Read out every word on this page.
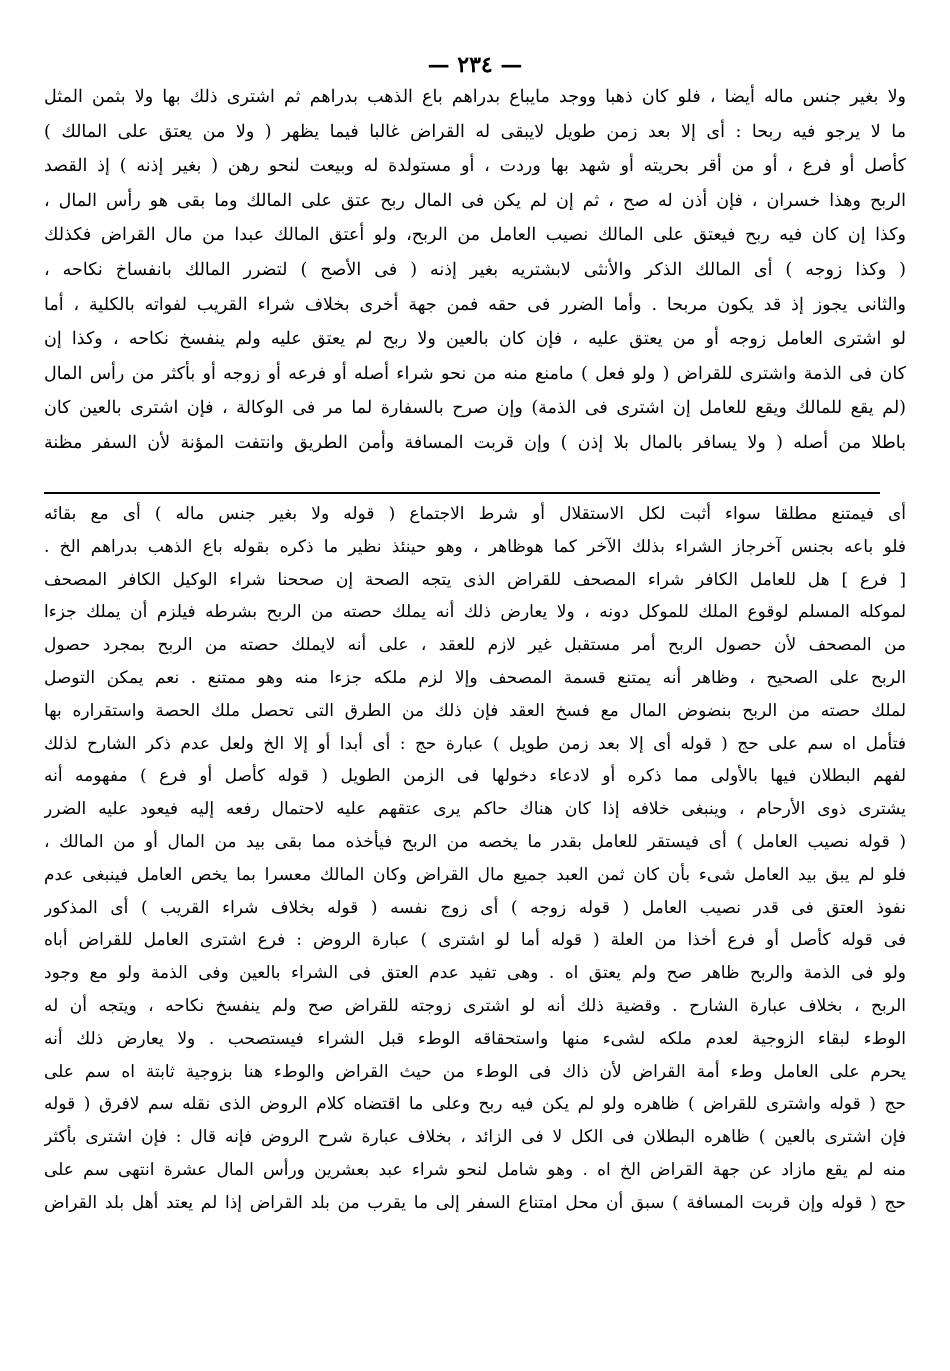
— ٢٣٤ —
ولا بغير جنس ماله أيضا ، فلو كان ذهبا ووجد مايباع بدراهم باع الذهب بدراهم ثم اشترى ذلك بها ولا بثمن المثل
ما لا يرجو فيه ربحا : أى إلا بعد زمن طويل لايبقى له القراض غالبا فيما يظهر ( ولا من يعتق على المالك )
كأصل أو فرع ، أو من أقر بحريته أو شهد بها وردت ، أو مستولدة له وبيعت لنحو رهن ( بغير إذنه ) إذ القصد
الربح وهذا خسران ، فإن أذن له صح ، ثم إن لم يكن فى المال ربح عتق على المالك وما بقى هو رأس المال ،
وكذا إن كان فيه ربح فيعتق على المالك نصيب العامل من الربح، ولو أعتق المالك عبدا من مال القراض فكذلك
( وكذا زوجه ) أى المالك الذكر والأنثى لابشتريه بغير إذنه ( فى الأصح ) لتضرر المالك بانفساخ نكاحه ،
والثانى يجوز إذ قد يكون مربحا . وأما الضرر فى حقه فمن جهة أخرى بخلاف شراء القريب لفواته بالكلية ، أما
لو اشترى العامل زوجه أو من يعتق عليه ، فإن كان بالعين ولا ربح لم يعتق عليه ولم ينفسخ نكاحه ، وكذا إن
كان فى الذمة واشترى للقراض ( ولو فعل ) مامنع منه من نحو شراء أصله أو فرعه أو زوجه أو بأكثر من رأس المال
(لم يقع للمالك ويقع للعامل إن اشترى فى الذمة) وإن صرح بالسفارة لما مر فى الوكالة ، فإن اشترى بالعين كان
باطلا من أصله ( ولا يسافر بالمال بلا إذن ) وإن قربت المسافة وأمن الطريق وانتفت المؤنة لأن السفر مظنة
أى فيمتنع مطلقا سواء أثبت لكل الاستقلال أو شرط الاجتماع ( قوله ولا بغير جنس ماله ) أى مع بقائه
فلو باعه بجنس آخرجاز الشراء بذلك الآخر كما هوظاهر ، وهو حينئذ نظير ما ذكره بقوله باع الذهب بدراهم الخ .
[ فرع ] هل للعامل الكافر شراء المصحف للقراض الذى يتجه الصحة إن صححنا شراء الوكيل الكافر المصحف
لموكله المسلم لوقوع الملك للموكل دونه ، ولا يعارض ذلك أنه يملك حصته من الربح بشرطه فيلزم أن يملك جزءا
من المصحف لأن حصول الربح أمر مستقبل غير لازم للعقد ، على أنه لايملك حصته من الربح بمجرد حصول
الربح على الصحيح ، وظاهر أنه يمتنع قسمة المصحف وإلا لزم ملكه جزءا منه وهو ممتنع . نعم يمكن التوصل
لملك حصته من الربح بنضوض المال مع فسخ العقد فإن ذلك من الطرق التى تحصل ملك الحصة واستقراره بها
فتأمل اه سم على حج ( قوله أى إلا بعد زمن طويل ) عبارة حج : أى أبدا أو إلا الخ ولعل عدم ذكر الشارح لذلك
لفهم البطلان فيها بالأولى مما ذكره أو لادعاء دخولها فى الزمن الطويل ( قوله كأصل أو فرع ) مفهومه أنه
يشترى ذوى الأرحام ، وينبغى خلافه إذا كان هناك حاكم يرى عتقهم عليه لاحتمال رفعه إليه فيعود عليه الضرر
( قوله نصيب العامل ) أى فيستقر للعامل بقدر ما يخصه من الربح فيأخذه مما بقى بيد من المال أو من المالك ،
فلو لم يبق بيد العامل شىء بأن كان ثمن العبد جميع مال القراض وكان المالك معسرا بما يخص العامل فينبغى عدم
نفوذ العتق فى قدر نصيب العامل ( قوله زوجه ) أى زوج نفسه ( قوله بخلاف شراء القريب ) أى المذكور
فى قوله كأصل أو فرع أخذا من العلة ( قوله أما لو اشترى ) عبارة الروض : فرع اشترى العامل للقراض أباه
ولو فى الذمة والربح ظاهر صح ولم يعتق اه . وهى تفيد عدم العتق فى الشراء بالعين وفى الذمة ولو مع وجود
الربح ، بخلاف عبارة الشارح . وقضية ذلك أنه لو اشترى زوجته للقراض صح ولم ينفسخ نكاحه ، ويتجه أن له
الوطء لبقاء الزوجية لعدم ملكه لشىء منها واستحقاقه الوطء قبل الشراء فيستصحب . ولا يعارض ذلك أنه
يحرم على العامل وطء أمة القراض لأن ذاك فى الوطء من حيث القراض والوطء هنا بزوجية ثابتة اه سم على
حج ( قوله واشترى للقراض ) ظاهره ولو لم يكن فيه ربح وعلى ما اقتضاه كلام الروض الذى نقله سم لافرق ( قوله
فإن اشترى بالعين ) ظاهره البطلان فى الكل لا فى الزائد ، بخلاف عبارة شرح الروض فإنه قال : فإن اشترى بأكثر
منه لم يقع مازاد عن جهة القراض الخ اه . وهو شامل لنحو شراء عبد بعشرين ورأس المال عشرة انتهى سم على
حج ( قوله وإن قربت المسافة ) سبق أن محل امتناع السفر إلى ما يقرب من بلد القراض إذا لم يعتد أهل بلد القراض
